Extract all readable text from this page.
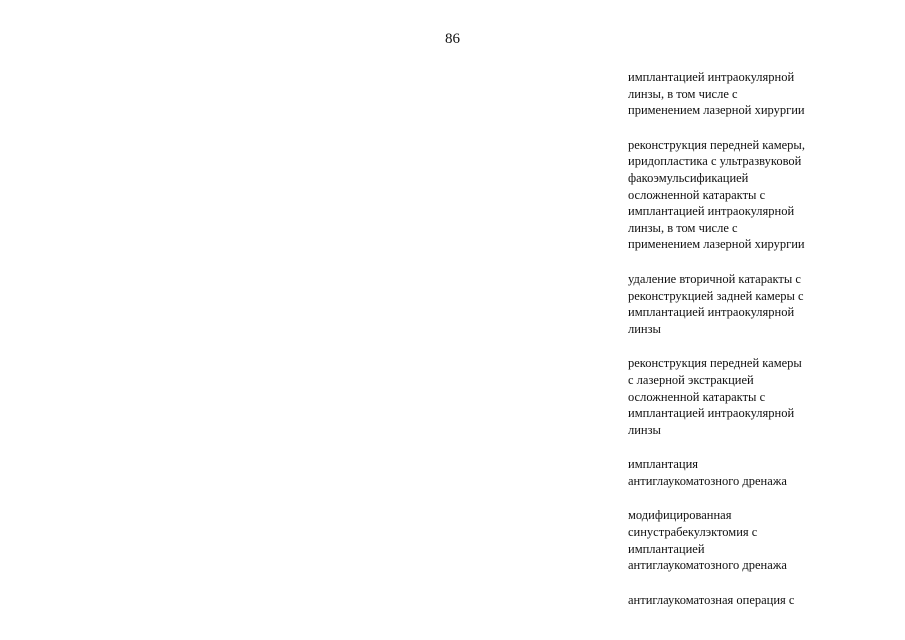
86

имплантацией интраокулярной
линзы, в том числе с
применением лазерной хирургии

реконструкция передней камеры,
иридопластика с ультразвуковой
факоэмульсификацией
осложненной катаракты с
имплантацией интраокулярной
линзы, в том числе с
применением лазерной хирургии

удаление вторичной катаракты с
реконструкцией задней камеры с
имплантацией интраокулярной
линзы

реконструкция передней камеры
с лазерной экстракцией
осложненной катаракты с
имплантацией интраокулярной
линзы

имплантация
антиглаукоматозного дренажа

модифицированная
синустрабекулэктомия с
имплантацией
антиглаукоматозного дренажа

антиглаукоматозная операция с
